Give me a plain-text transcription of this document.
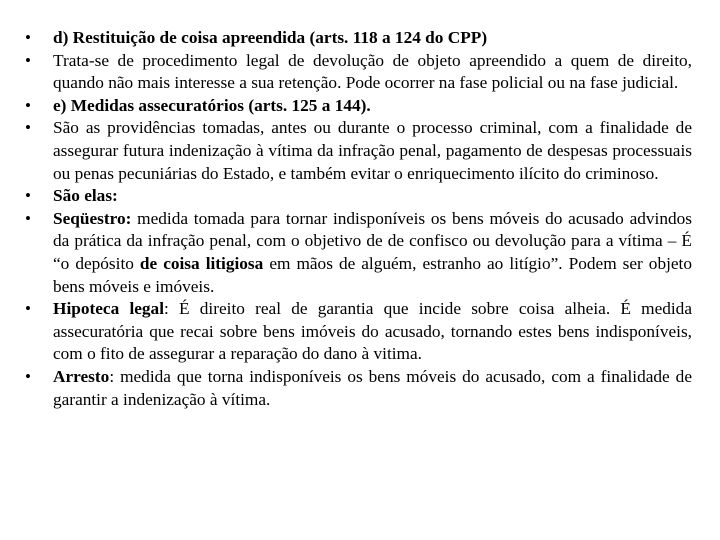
•	d) Restituição de coisa apreendida (arts. 118 a 124 do CPP)
•	Trata-se de procedimento legal de devolução de objeto apreendido a quem de direito, quando não mais interesse a sua retenção. Pode ocorrer na fase policial ou na fase judicial.
•	e) Medidas assecuratórios (arts. 125 a 144).
•	São as providências tomadas, antes ou durante o processo criminal, com a finalidade de assegurar futura indenização à vítima da infração penal, pagamento de despesas processuais ou penas pecuniárias do Estado, e também evitar o enriquecimento ilícito do criminoso.
•	São elas:
•	Seqüestro: medida tomada para tornar indisponíveis os bens móveis do acusado advindos da prática da infração penal, com o objetivo de de confisco ou devolução para a vítima – É “o depósito de coisa litigiosa em mãos de alguém, estranho ao litígio”. Podem ser objeto bens móveis e imóveis.
•	Hipoteca legal: É direito real de garantia que incide sobre coisa alheia. É medida assecuratória que recai sobre bens imóveis do acusado, tornando estes bens indisponíveis, com o fito de assegurar a reparação do dano à vitima.
•	Arresto: medida que torna indisponíveis os bens móveis do acusado, com a finalidade de garantir a indenização à vítima.
